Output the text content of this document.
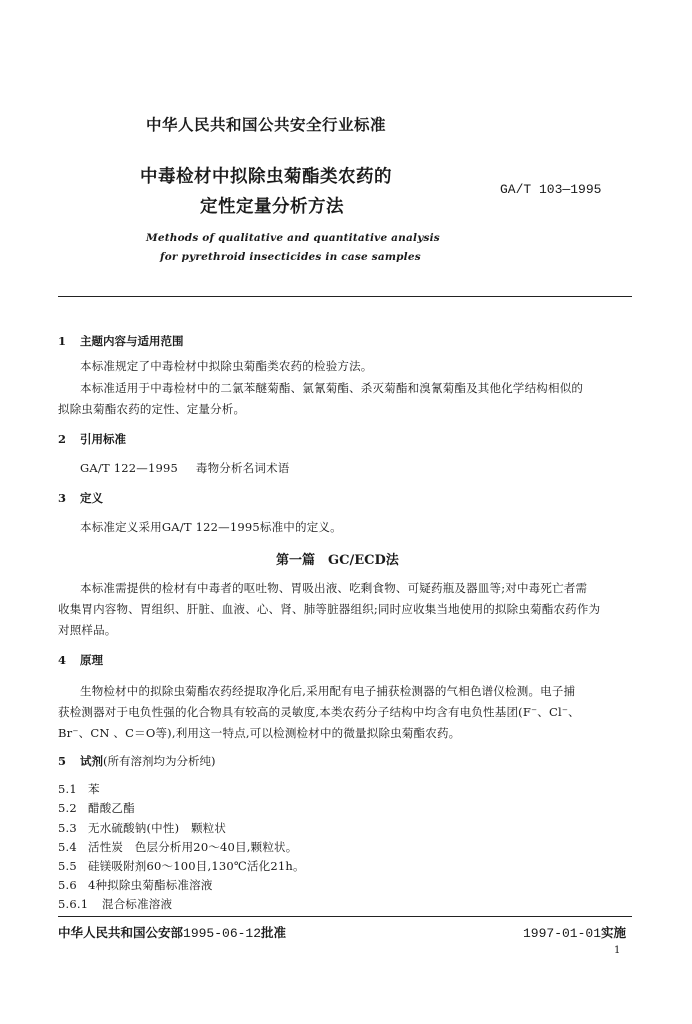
中华人民共和国公共安全行业标准
中毒检材中拟除虫菊酯类农药的
定性定量分析方法
GA/T 103—1995
Methods of qualitative and quantitative analysis
for pyrethroid insecticides in case samples
1 主题内容与适用范围
本标准规定了中毒检材中拟除虫菊酯类农药的检验方法。
本标准适用于中毒检材中的二氯苯醚菊酯、氯氰菊酯、杀灭菊酯和溴氰菊酯及其他化学结构相似的
拟除虫菊酯农药的定性、定量分析。
2 引用标准
GA/T 122—1995 毒物分析名词术语
3 定义
本标准定义采用GA/T 122—1995标准中的定义。
第一篇　GC/ECD法
本标准需提供的检材有中毒者的呕吐物、胃吸出液、吃剩食物、可疑药瓶及器皿等;对中毒死亡者需
收集胃内容物、胃组织、肝脏、血液、心、肾、肺等脏器组织;同时应收集当地使用的拟除虫菊酯农药作为
对照样品。
4 原理
生物检材中的拟除虫菊酯农药经提取净化后,采用配有电子捕获检测器的气相色谱仪检测。电子捕
获检测器对于电负性强的化合物具有较高的灵敏度,本类农药分子结构中均含有电负性基团(F⁻、Cl⁻、
Br⁻、CN 、C＝O等),利用这一特点,可以检测检材中的微量拟除虫菊酯农药。
5 试剂(所有溶剂均为分析纯)
5.1 苯
5.2 醋酸乙酯
5.3 无水硫酸钠(中性)　颗粒状
5.4 活性炭　色层分析用20～40目,颗粒状。
5.5 硅镁吸附剂60～100目,130℃活化21h。
5.6 4种拟除虫菊酯标准溶液
5.6.1 混合标准溶液
中华人民共和国公安部1995-06-12批准	1997-01-01实施
1
